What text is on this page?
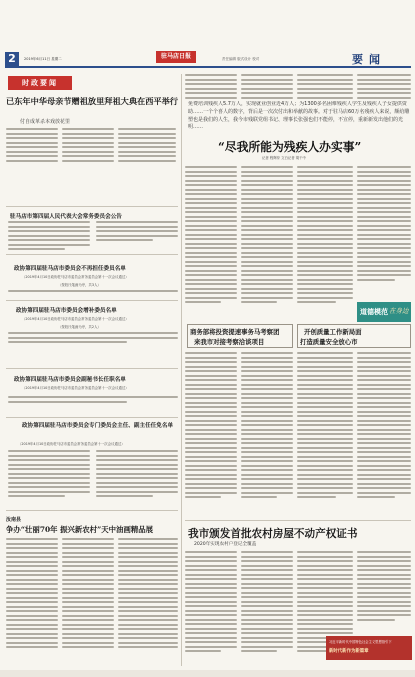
2	2019年6月11日 星期二	驻马店日报	责任编辑 版式设计 校对	要闻
时政要闻
已东年中华母亲节赠祖放里拜祖大典在西平举行
付自成革杀本戏放花里
驻马店市第四届人民代表大会常务委员会公告
政协第四届驻马店市委员会不再担任委员名单
（2019年4月10日政协驻马店市委员会常务委员会第十一次会议通过）
（按姓氏笔画为序，共3人）
政协第四届驻马店市委员会增补委员名单
（2019年4月10日政协驻马店市委员会常务委员会第十一次会议通过）
（按姓氏笔画为序，共2人）
政协第四届驻马店市委员会副秘书长任职名单
（2019年4月10日政协驻马店市委员会常务委员会第十一次会议通过）
政协第四届驻马店市委员会专门委员会主任、副主任任免名单
（2019年4月10日政协驻马店市委员会常务委员会第十一次会议通过）
汝南县
争办“壮丽70年 振兴新农村”天中油画精品展
免费培训残疾人5.7万人，实现就业创业近4万人；为1300多名困难残疾人学生及残疾人子女提供资助……一个个喜人的数字，背后是一次次付出和举献的故事。对于驻马店60万名残疾人来说，颇给雕塑也是我们的人生，我今市残联党组书记、理事长张强也们不能停，不宣停，重新新发出他们的光明……
“尽我所能为残疾人办实事”
记者 程辉综 文白记者 胡干中
道德模范 在身边
商务部将投资提速事务马考察团
来我市对接考察洽谈项目
开创质量工作新局面
打造质量安全放心市
我市颁发首批农村房屋不动产权证书
2020年实现农村户登记全覆盖
习近平新时代中国特色社会主义思想指引下
新时代新作为新篇章
